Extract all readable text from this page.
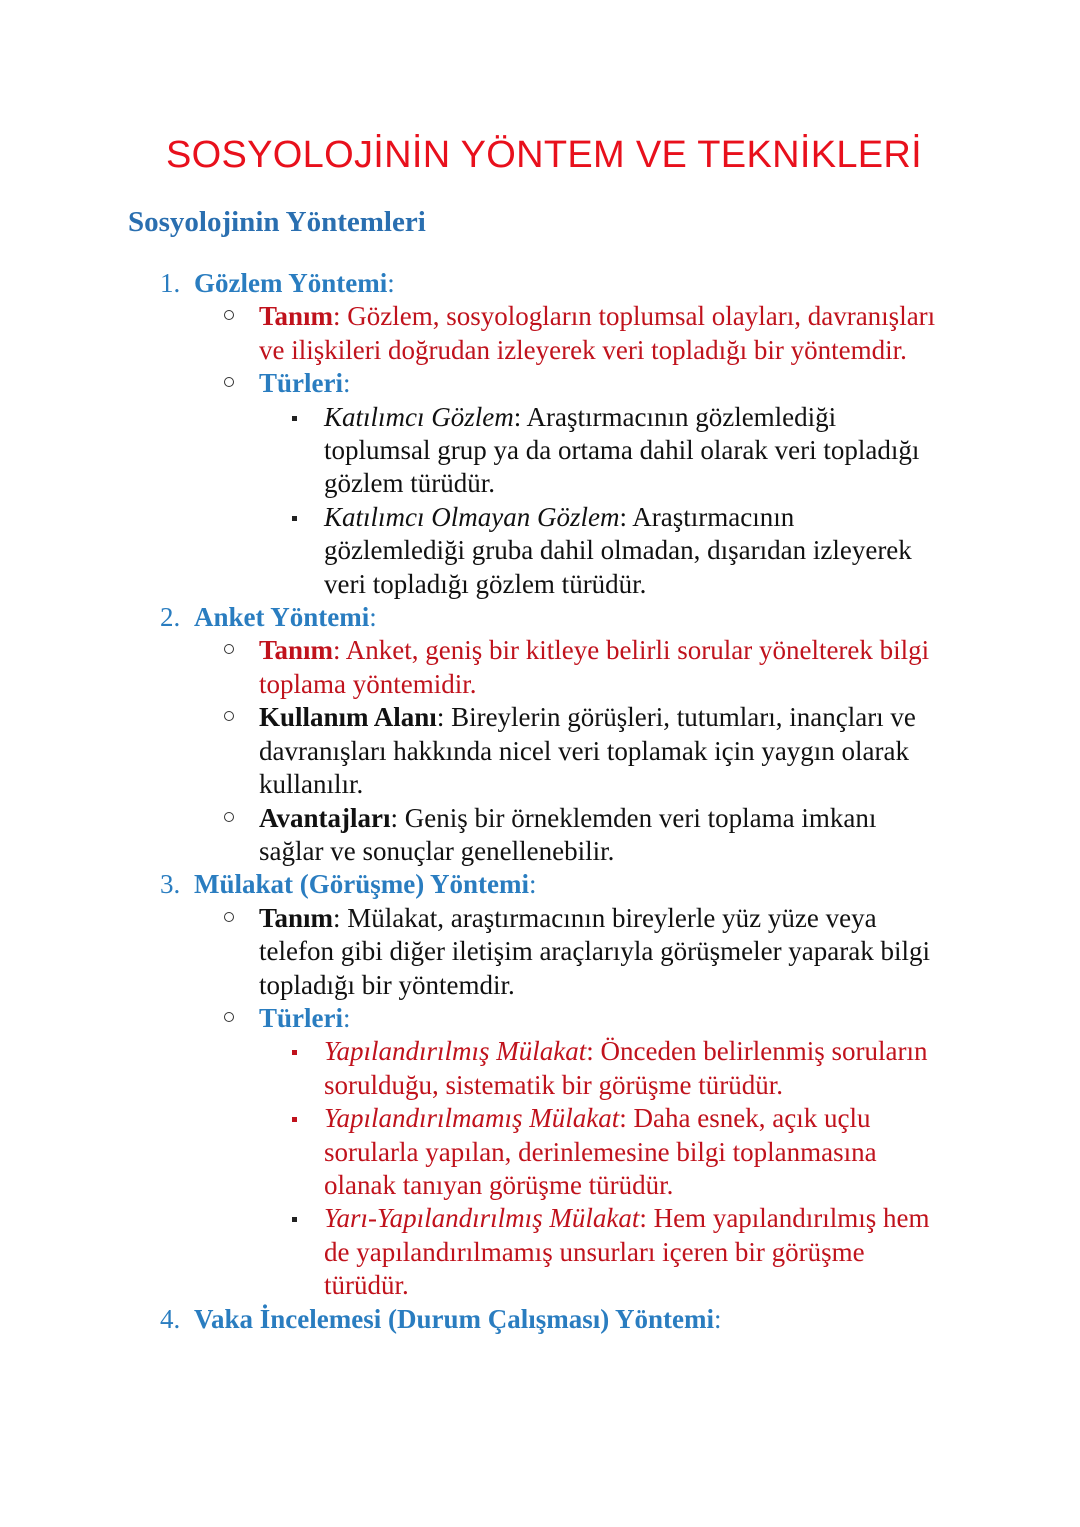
SOSYOLOJİNİN YÖNTEM VE TEKNİKLERİ
Sosyolojinin Yöntemleri
1. Gözlem Yöntemi:
Tanım: Gözlem, sosyologların toplumsal olayları, davranışları ve ilişkileri doğrudan izleyerek veri topladığı bir yöntemdir.
Türleri:
Katılımcı Gözlem: Araştırmacının gözlemlediği toplumsal grup ya da ortama dahil olarak veri topladığı gözlem türüdür.
Katılımcı Olmayan Gözlem: Araştırmacının gözlemlediği gruba dahil olmadan, dışarıdan izleyerek veri topladığı gözlem türüdür.
2. Anket Yöntemi:
Tanım: Anket, geniş bir kitleye belirli sorular yönelterek bilgi toplama yöntemidir.
Kullanım Alanı: Bireylerin görüşleri, tutumları, inançları ve davranışları hakkında nicel veri toplamak için yaygın olarak kullanılır.
Avantajları: Geniş bir örneklemden veri toplama imkanı sağlar ve sonuçlar genellenebilir.
3. Mülakat (Görüşme) Yöntemi:
Tanım: Mülakat, araştırmacının bireylerle yüz yüze veya telefon gibi diğer iletişim araçlarıyla görüşmeler yaparak bilgi topladığı bir yöntemdir.
Türleri:
Yapılandırılmış Mülakat: Önceden belirlenmiş soruların sorulduğu, sistematik bir görüşme türüdür.
Yapılandırılmamış Mülakat: Daha esnek, açık uçlu sorularla yapılan, derinlemesine bilgi toplanmasına olanak tanıyan görüşme türüdür.
Yarı-Yapılandırılmış Mülakat: Hem yapılandırılmış hem de yapılandırılmamış unsurları içeren bir görüşme türüdür.
4. Vaka İncelemesi (Durum Çalışması) Yöntemi:
